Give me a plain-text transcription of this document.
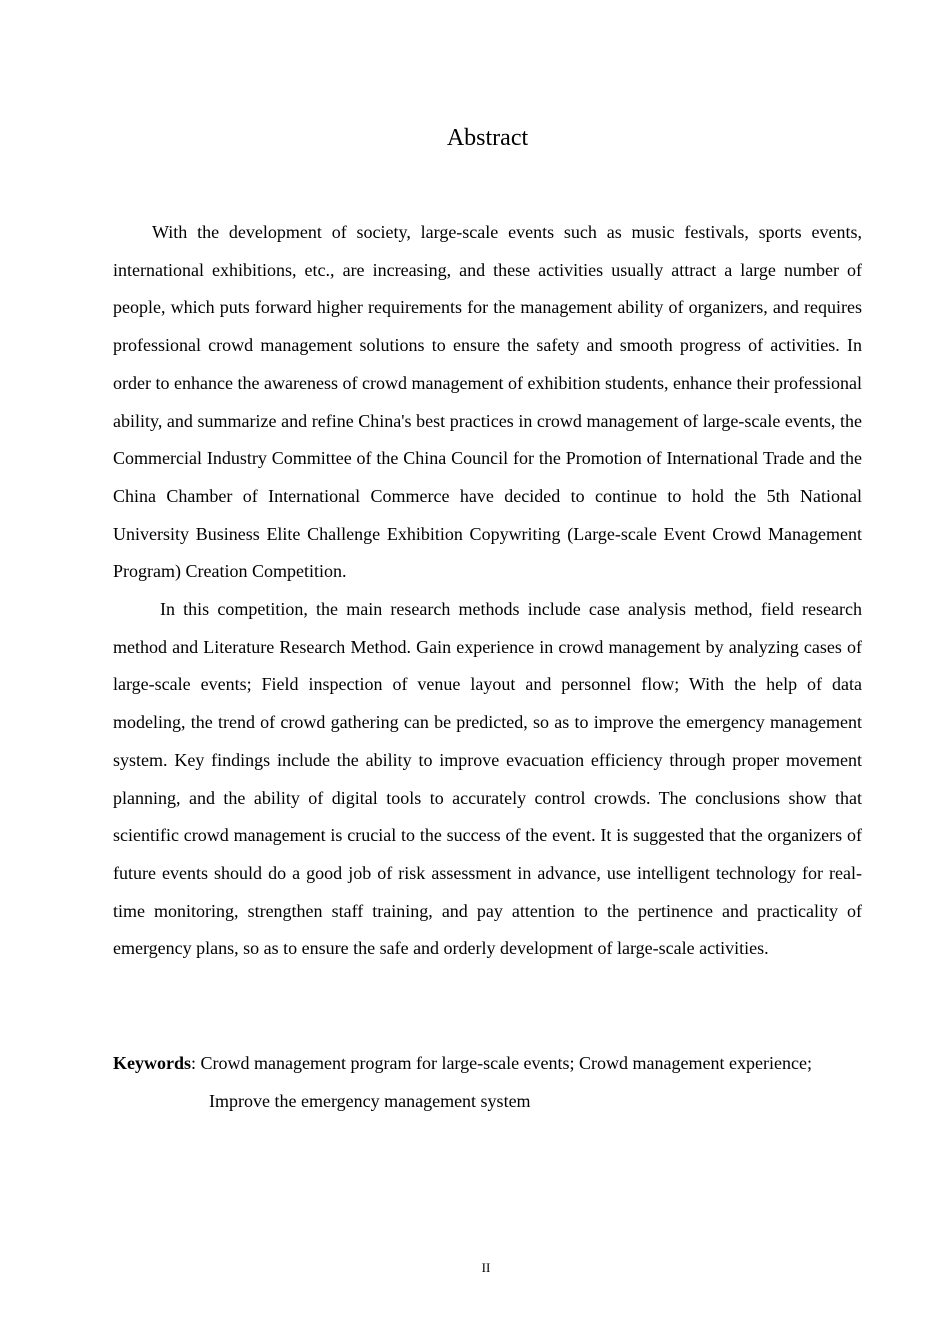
Abstract

With the development of society, large-scale events such as music festivals, sports events, international exhibitions, etc., are increasing, and these activities usually attract a large number of people, which puts forward higher requirements for the management ability of organizers, and requires professional crowd management solutions to ensure the safety and smooth progress of activities. In order to enhance the awareness of crowd management of exhibition students, enhance their professional ability, and summarize and refine China's best practices in crowd management of large-scale events, the Commercial Industry Committee of the China Council for the Promotion of International Trade and the China Chamber of International Commerce have decided to continue to hold the 5th National University Business Elite Challenge Exhibition Copywriting (Large-scale Event Crowd Management Program) Creation Competition.

In this competition, the main research methods include case analysis method, field research method and Literature Research Method. Gain experience in crowd management by analyzing cases of large-scale events; Field inspection of venue layout and personnel flow; With the help of data modeling, the trend of crowd gathering can be predicted, so as to improve the emergency management system. Key findings include the ability to improve evacuation efficiency through proper movement planning, and the ability of digital tools to accurately control crowds. The conclusions show that scientific crowd management is crucial to the success of the event. It is suggested that the organizers of future events should do a good job of risk assessment in advance, use intelligent technology for real-time monitoring, strengthen staff training, and pay attention to the pertinence and practicality of emergency plans, so as to ensure the safe and orderly development of large-scale activities.

Keywords: Crowd management program for large-scale events; Crowd management experience;
Improve the emergency management system
II
